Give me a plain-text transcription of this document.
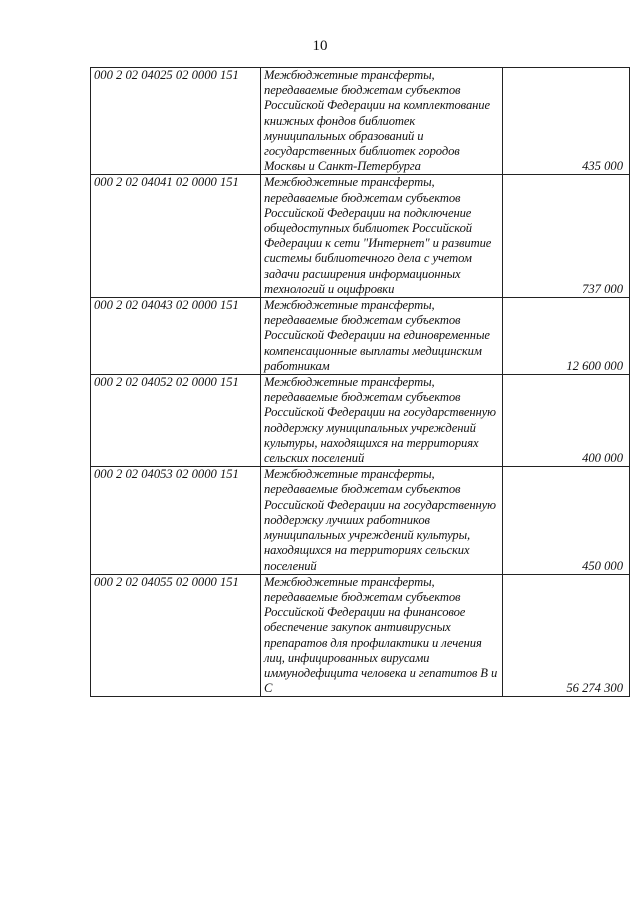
10
000 2 02 04025 02 0000 151	Межбюджетные трансферты, передаваемые бюджетам субъектов Российской Федерации на комплектование книжных фондов библиотек муниципальных образований и государственных библиотек городов Москвы и Санкт-Петербурга	435 000
000 2 02 04041 02 0000 151	Межбюджетные трансферты, передаваемые бюджетам субъектов Российской Федерации на подключение общедоступных библиотек Российской Федерации к сети "Интернет" и развитие системы библиотечного дела с учетом задачи расширения информационных технологий и оцифровки	737 000
000 2 02 04043 02 0000 151	Межбюджетные трансферты, передаваемые бюджетам субъектов Российской Федерации на единовременные компенсационные выплаты медицинским работникам	12 600 000
000 2 02 04052 02 0000 151	Межбюджетные трансферты, передаваемые бюджетам субъектов Российской Федерации на государственную поддержку муниципальных учреждений культуры, находящихся на территориях сельских поселений	400 000
000 2 02 04053 02 0000 151	Межбюджетные трансферты, передаваемые бюджетам субъектов Российской Федерации на государственную поддержку лучших работников муниципальных учреждений культуры, находящихся на территориях сельских поселений	450 000
000 2 02 04055 02 0000 151	Межбюджетные трансферты, передаваемые бюджетам субъектов Российской Федерации на финансовое обеспечение закупок антивирусных препаратов для профилактики и лечения лиц, инфицированных вирусами иммунодефицита человека и гепатитов В и С	56 274 300
